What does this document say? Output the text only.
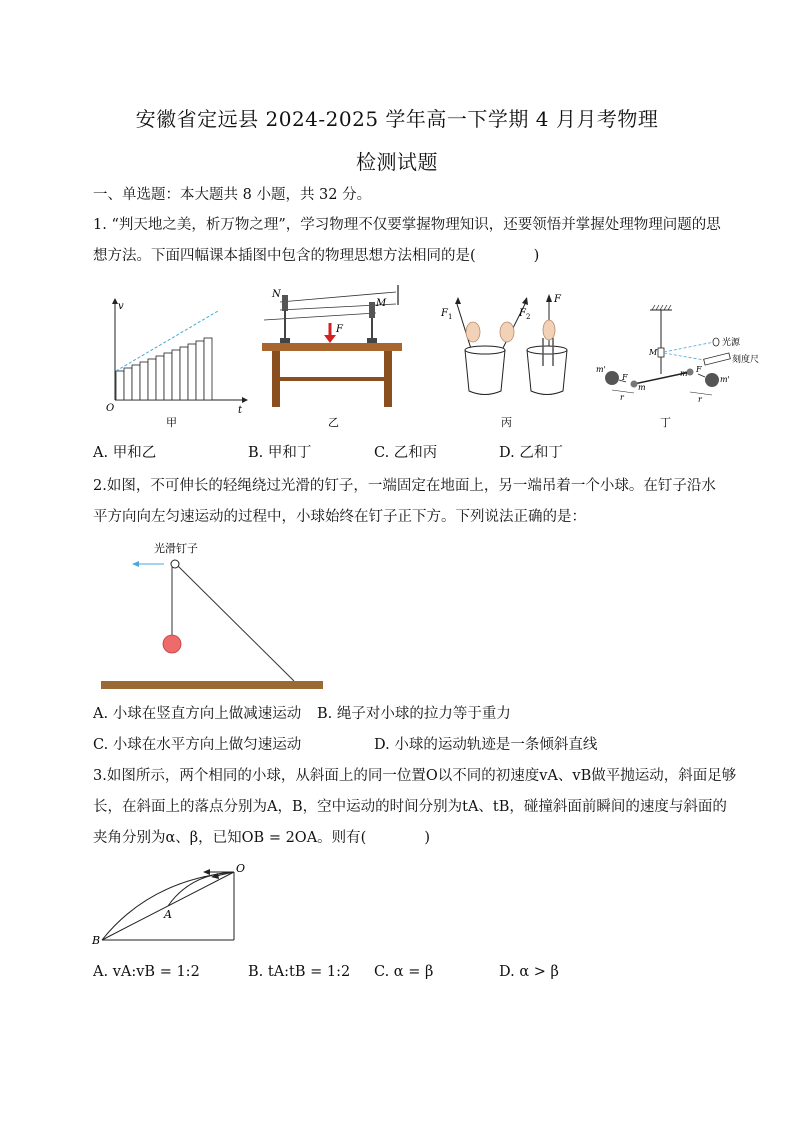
安徽省定远县 2024-2025 学年高一下学期 4 月月考物理
检测试题
一、单选题：本大题共 8 小题，共 32 分。
1. “判天地之美，析万物之理”，学习物理不仅要掌握物理知识，还要领悟并掌握处理物理问题的思
想方法。下面四幅课本插图中包含的物理思想方法相同的是(　　　　)
v
t
O
甲
N
M
F
乙
F 1	F 2
F
丙
m'
m'
m
m
F
F
r	r
M
光源
刻度尺
丁
A. 甲和乙	B. 甲和丁	C. 乙和丙	D. 乙和丁
2.如图，不可伸长的轻绳绕过光滑的钉子，一端固定在地面上，另一端吊着一个小球。在钉子沿水
平方向向左匀速运动的过程中，小球始终在钉子正下方。下列说法正确的是：
光滑钉子
A. 小球在竖直方向上做减速运动 B. 绳子对小球的拉力等于重力
C. 小球在水平方向上做匀速运动	D. 小球的运动轨迹是一条倾斜直线
3.如图所示，两个相同的小球，从斜面上的同一位置O以不同的初速度vA、vB做平抛运动，斜面足够
长，在斜面上的落点分别为A，B，空中运动的时间分别为tA、tB，碰撞斜面前瞬间的速度与斜面的
夹角分别为α、β，已知OB = 2OA。则有(　　　　)
O
A
B
A. vA:vB = 1:2	B. tA:tB = 1:2 C. α = β	D. α > β
